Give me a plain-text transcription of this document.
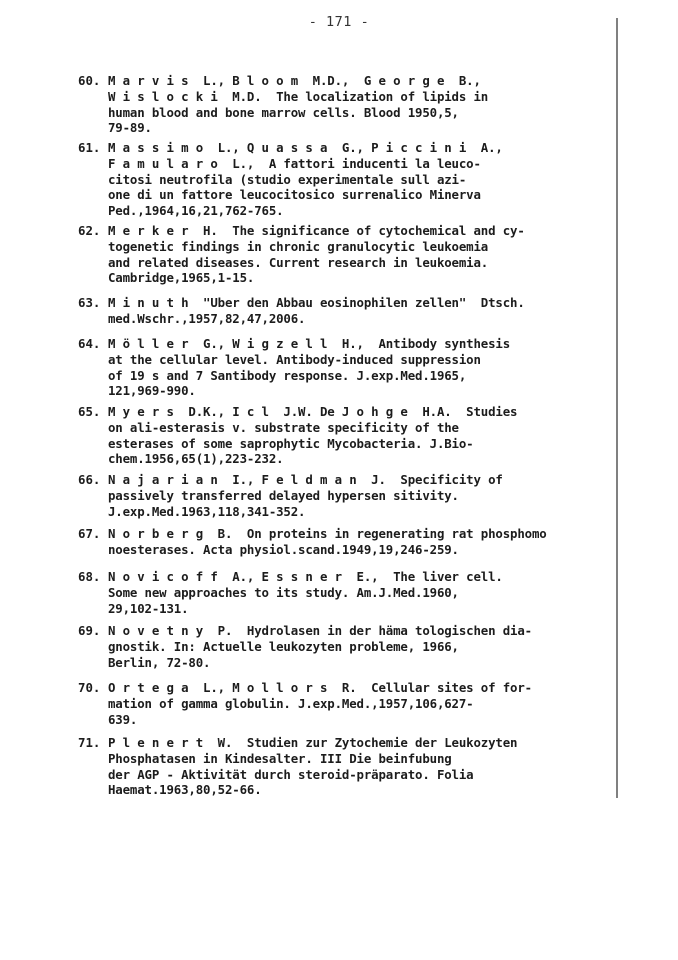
- 171 -
60. M a r v i s  L., B l o o m  M.D.,  G e o r g e  B.,
W i s l o c k i  M.D.  The localization of lipids in
human blood and bone marrow cells. Blood 1950,5,
79-89.
61. M a s s i m o  L., Q u a s s a  G., P i c c i n i  A.,
F a m u l a r o  L.,  A fattori inducenti la leuco-
citosi neutrofila (studio experimentale sull azi-
one di un fattore leucocitosico surrenalico Minerva
Ped.,1964,16,21,762-765.
62. M e r k e r  H.  The significance of cytochemical and cy-
togenetic findings in chronic granulocytic leukoemia
and related diseases. Current research in leukoemia.
Cambridge,1965,1-15.
63. M i n u t h  "Uber den Abbau eosinophilen zellen"  Dtsch.
med.Wschr.,1957,82,47,2006.
64. M ö l l e r  G., W i g z e l l  H.,  Antibody synthesis
at the cellular level. Antibody-induced suppression
of 19 s and 7 Santibody response. J.exp.Med.1965,
121,969-990.
65. M y e r s  D.K., I c l  J.W. De J o h g e  H.A.  Studies
on ali-esterasis v. substrate specificity of the
esterases of some saprophytic Mycobacteria. J.Bio-
chem.1956,65(1),223-232.
66. N a j a r i a n  I., F e l d m a n  J.  Specificity of
passively transferred delayed hypersen sitivity.
J.exp.Med.1963,118,341-352.
67. N o r b e r g  B.  On proteins in regenerating rat phosphomo
noesterases. Acta physiol.scand.1949,19,246-259.
68. N o v i c o f f  A., E s s n e r  E.,  The liver cell.
Some new approaches to its study. Am.J.Med.1960,
29,102-131.
69. N o v e t n y  P.  Hydrolasen in der häma tologischen dia-
gnostik. In: Actuelle leukozyten probleme, 1966,
Berlin, 72-80.
70. O r t e g a  L., M o l l o r s  R.  Cellular sites of for-
mation of gamma globulin. J.exp.Med.,1957,106,627-
639.
71. P l e n e r t  W.  Studien zur Zytochemie der Leukozyten
Phosphatasen in Kindesalter. III Die beinfubung
der AGP - Aktivität durch steroid-präparato. Folia
Haemat.1963,80,52-66.
